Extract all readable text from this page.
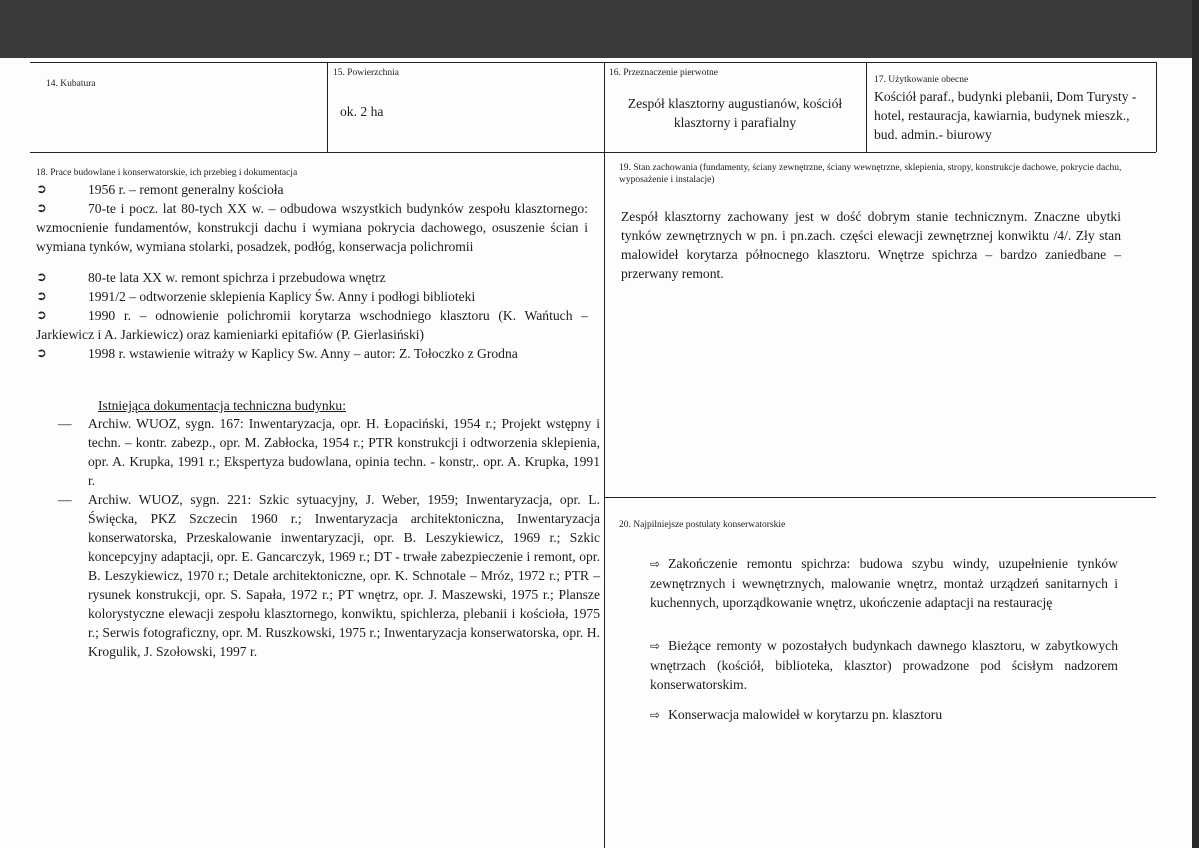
14. Kubatura
15. Powierzchnia
ok. 2 ha
16. Przeznaczenie pierwotne
Zespół klasztorny augustianów, kościół klasztorny i parafialny
17. Użytkowanie obecne
Kościół paraf., budynki plebanii, Dom Turysty - hotel, restauracja, kawiarnia, budynek mieszk., bud. admin.- biurowy
18. Prace budowlane i konserwatorskie, ich przebieg i dokumentacja
➲	1956 r. – remont generalny kościoła
➲	70-te i pocz. lat 80-tych XX w. – odbudowa wszystkich budynków zespołu klasztornego: wzmocnienie fundamentów, konstrukcji dachu i wymiana pokrycia dachowego, osuszenie ścian i wymiana tynków, wymiana stolarki, posadzek, podłóg, konserwacja polichromii
➲	80-te lata XX w. remont spichrza i przebudowa wnętrz
➲	1991/2 – odtworzenie sklepienia Kaplicy Św. Anny i podłogi biblioteki
➲	1990 r. – odnowienie polichromii korytarza wschodniego klasztoru (K. Wańtuch – Jarkiewicz i A. Jarkiewicz) oraz kamieniarki epitafiów (P. Gierlasiński)
➲	1998 r. wstawienie witraży w Kaplicy Sw. Anny – autor: Z. Tołoczko z Grodna
Istniejąca dokumentacja techniczna budynku:
— Archiw. WUOZ, sygn. 167: Inwentaryzacja, opr. H. Łopaciński, 1954 r.; Projekt wstępny i techn. – kontr. zabezp., opr. M. Zabłocka, 1954 r.; PTR konstrukcji i odtworzenia sklepienia, opr. A. Krupka, 1991 r.; Ekspertyza budowlana, opinia techn. - konstr,. opr. A. Krupka, 1991 r.
— Archiw. WUOZ, sygn. 221: Szkic sytuacyjny, J. Weber, 1959; Inwentaryzacja, opr. L. Święcka, PKZ Szczecin 1960 r.; Inwentaryzacja architektoniczna, Inwentaryzacja konserwatorska, Przeskalowanie inwentaryzacji, opr. B. Leszykiewicz, 1969 r.; Szkic koncepcyjny adaptacji, opr. E. Gancarczyk, 1969 r.; DT - trwałe zabezpieczenie i remont, opr. B. Leszykiewicz, 1970 r.; Detale architektoniczne, opr. K. Schnotale – Mróz, 1972 r.; PTR – rysunek konstrukcji, opr. S. Sapała, 1972 r.; PT wnętrz, opr. J. Maszewski, 1975 r.; Plansze kolorystyczne elewacji zespołu klasztornego, konwiktu, spichlerza, plebanii i kościoła, 1975 r.; Serwis fotograficzny, opr. M. Ruszkowski, 1975 r.; Inwentaryzacja konserwatorska, opr. H. Krogulik, J. Szołowski, 1997 r.
19. Stan zachowania (fundamenty, ściany zewnętrzne, ściany wewnętrzne, sklepienia, stropy, konstrukcje dachowe, pokrycie dachu, wyposażenie i instalacje)
Zespół klasztorny zachowany jest w dość dobrym stanie technicznym. Znaczne ubytki tynków zewnętrznych w pn. i pn.zach. części elewacji zewnętrznej konwiktu /4/. Zły stan malowideł korytarza północnego klasztoru. Wnętrze spichrza – bardzo zaniedbane – przerwany remont.
20. Najpilniejsze postulaty konserwatorskie
⇨ Zakończenie remontu spichrza: budowa szybu windy, uzupełnienie tynków zewnętrznych i wewnętrznych, malowanie wnętrz, montaż urządzeń sanitarnych i kuchennych, uporządkowanie wnętrz, ukończenie adaptacji na restaurację
⇨ Bieżące remonty w pozostałych budynkach dawnego klasztoru, w zabytkowych wnętrzach (kościół, biblioteka, klasztor) prowadzone pod ścisłym nadzorem konserwatorskim.
⇨ Konserwacja malowideł w korytarzu pn. klasztoru
